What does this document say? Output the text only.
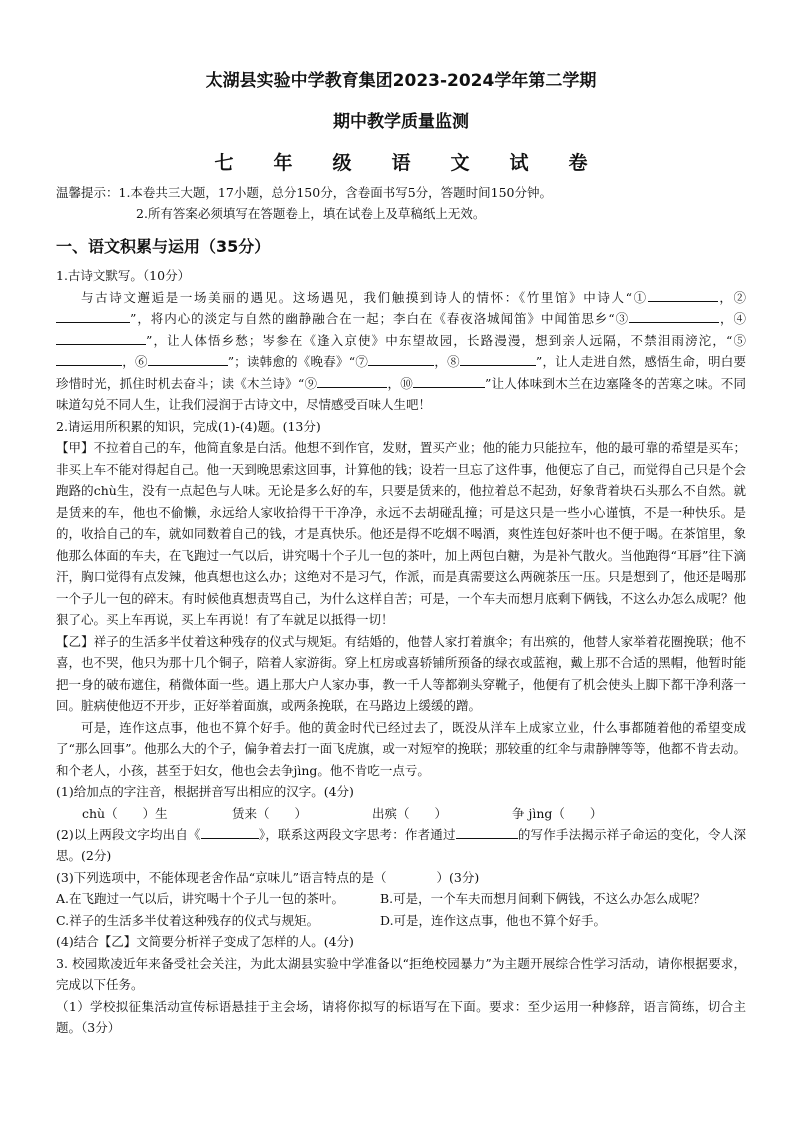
太湖县实验中学教育集团2023-2024学年第二学期
期中教学质量监测
七 年 级 语 文 试 卷
温馨提示：1.本卷共三大题，17小题，总分150分，含卷面书写5分，答题时间150分钟。
2.所有答案必须填写在答题卷上，填在试卷上及草稿纸上无效。
一、语文积累与运用（35分）

1.古诗文默写。（10分）

与古诗文邂逅是一场美丽的遇见。这场遇见，我们触摸到诗人的情怀：《竹里馆》中诗人“①	，②”，将内心的淡定与自然的幽静融合在一起；李白在《春夜洛城闻笛》中闻笛思乡“③	，④”，让人体悟乡愁；岑参在《逢入京使》中东望故园，长路漫漫，想到亲人远隔，不禁泪雨滂沱，“⑤，⑥	”；读韩愈的《晚春》“⑦	，⑧	”，让人走进自然，感悟生命，明白要珍惜时光，抓住时机去奋斗；读《木兰诗》“⑨	，⑩	”让人体味到木兰在边塞隆冬的苦寒之味。不同味道勾兑不同人生，让我们浸润于古诗文中，尽情感受百味人生吧！

2.请运用所积累的知识，完成(1)-(4)题。(13分)

【甲】不拉着自己的车，他简直象是白活。他想不到作官，发财，置买产业；他的能力只能拉车，他的最可靠的希望是买车；非买上车不能对得起自己。他一天到晚思索这回事，计算他的钱；设若一旦忘了这件事，他便忘了自己，而觉得自己只是个会跑路的chù生，没有一点起色与人味。无论是多么好的车，只要是赁来的，他拉着总不起劲，好象背着块石头那么不自然。就是赁来的车，他也不偷懒，永远给人家收拾得干干净净，永远不去胡碰乱撞；可是这只是一些小心谨慎，不是一种快乐。是的，收拾自己的车，就如同数着自己的钱，才是真快乐。他还是得不吃烟不喝酒，爽性连包好茶叶也不便于喝。在茶馆里，象他那么体面的车夫，在飞跑过一气以后，讲究喝十个子儿一包的茶叶，加上两包白糖，为是补气散火。当他跑得“耳唇”往下滴汗，胸口觉得有点发辣，他真想也这么办；这绝对不是习气，作派，而是真需要这么两碗茶压一压。只是想到了，他还是喝那一个子儿一包的碎末。有时候他真想责骂自己，为什么这样自苦；可是，一个车夫而想月底剩下俩钱，不这么办怎么成呢？他狠了心。买上车再说，买上车再说！有了车就足以抵得一切！

【乙】祥子的生活多半仗着这种残存的仪式与规矩。有结婚的，他替人家打着旗伞；有出殡的，他替人家举着花圈挽联；他不喜，也不哭，他只为那十几个铜子，陪着人家游街。穿上杠房或喜轿铺所预备的绿衣或蓝袍，戴上那不合适的黑帽，他暂时能把一身的破布遮住，稍微体面一些。遇上那大户人家办事，教一千人等都剃头穿靴子，他便有了机会使头上脚下都干净利落一回。脏病使他迈不开步，正好举着面旗，或两条挽联，在马路边上缓缓的蹭。

可是，连作这点事，他也不算个好手。他的黄金时代已经过去了，既没从洋车上成家立业，什么事都随着他的希望变成了“那么回事”。他那么大的个子，偏争着去打一面飞虎旗，或一对短窄的挽联；那较重的红伞与肃静牌等等，他都不肯去动。和个老人，小孩，甚至于妇女，他也会去争jìng。他不肯吃一点亏。

(1)给加点的字注音，根据拼音写出相应的汉字。(4分)

chù（　　）生	赁来（　　）	出殡（　　）	争 jìng（　　）

(2)以上两段文字均出自《	》，联系这两段文字思考：作者通过	的写作手法揭示祥子命运的变化，令人深思。(2分)

(3)下列选项中，不能体现老舍作品“京味儿”语言特点的是（　　　　）(3分)

A.在飞跑过一气以后，讲究喝十个子儿一包的茶叶。	B.可是，一个车夫而想月间剩下俩钱，不这么办怎么成呢？
C.祥子的生活多半仗着这种残存的仪式与规矩。	D.可是，连作这点事，他也不算个好手。

(4)结合【乙】文简要分析祥子变成了怎样的人。(4分)

3. 校园欺凌近年来备受社会关注，为此太湖县实验中学准备以“拒绝校园暴力”为主题开展综合性学习活动，请你根据要求，完成以下任务。

（1）学校拟征集活动宣传标语悬挂于主会场，请将你拟写的标语写在下面。要求：至少运用一种修辞，语言简练，切合主题。（3分）
